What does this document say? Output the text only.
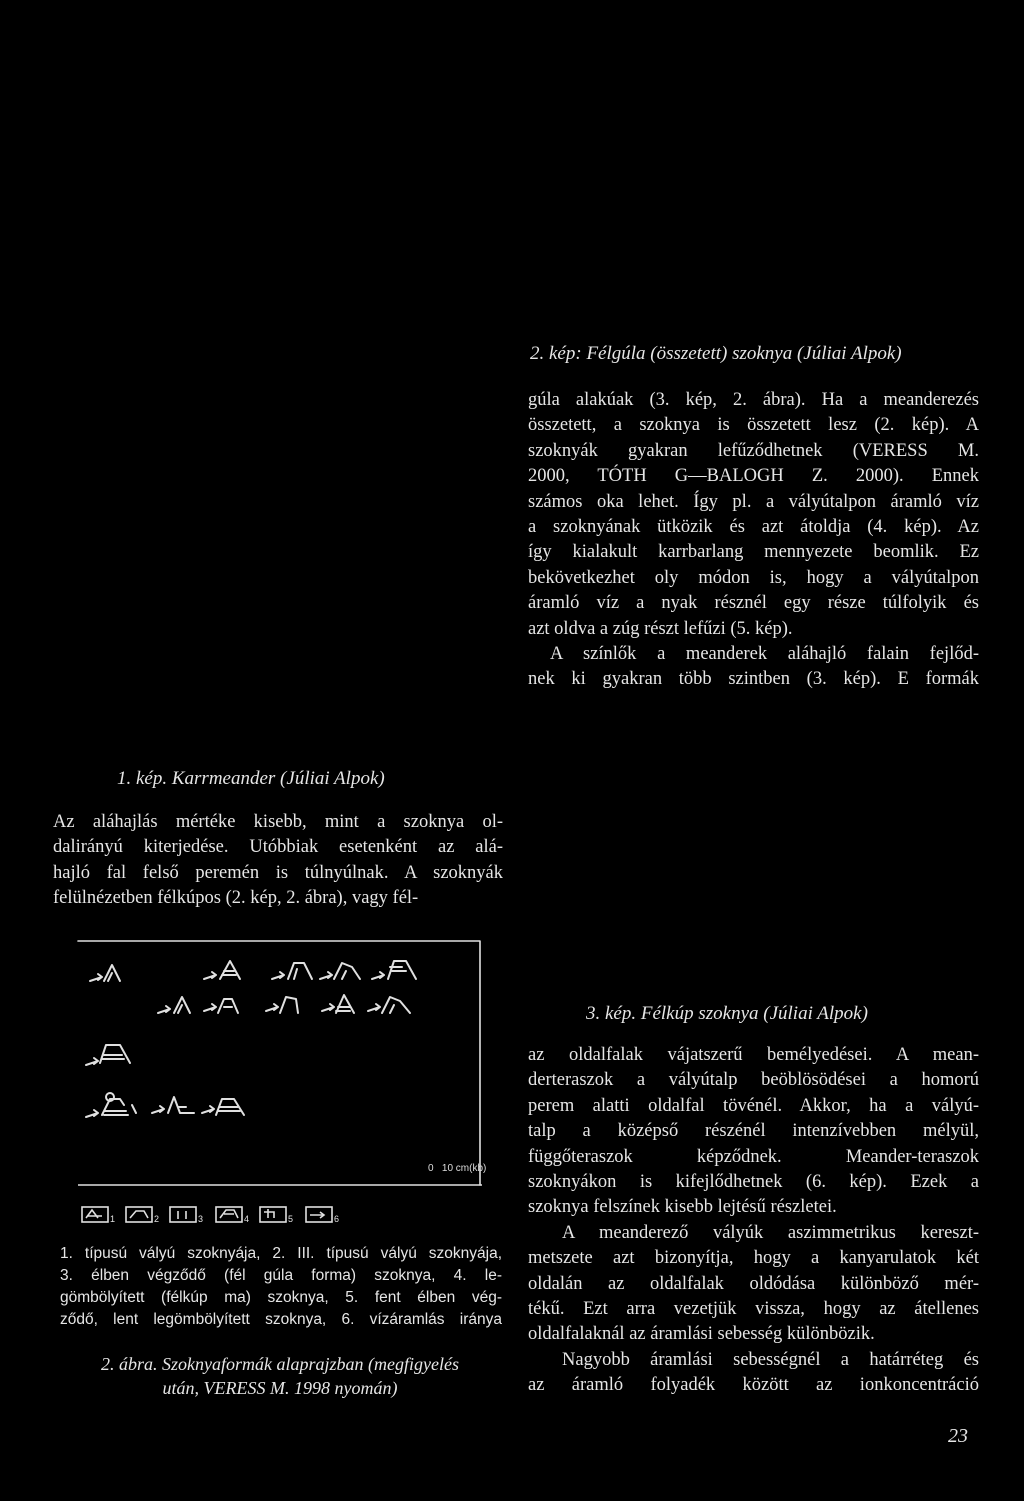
2. kép: Félgúla (összetett) szoknya (Júliai Alpok)
gúla alakúak (3. kép, 2. ábra). Ha a meanderezés
összetett, a szoknya is összetett lesz (2. kép). A
szoknyák gyakran lefűződhetnek (VERESS M.
2000, TÓTH G—BALOGH Z. 2000). Ennek
számos oka lehet. Így pl. a vályútalpon áramló víz
a szoknyának ütközik és azt átoldja (4. kép). Az
így kialakult karrbarlang mennyezete beomlik. Ez
bekövetkezhet oly módon is, hogy a vályútalpon
áramló víz a nyak résznél egy része túlfolyik és
azt oldva a zúg részt lefűzi (5. kép).
A színlők a meanderek aláhajló falain fejlőd-
nek ki gyakran több szintben (3. kép). E formák
1. kép. Karrmeander (Júliai Alpok)
Az aláhajlás mértéke kisebb, mint a szoknya ol-
dalirányú kiterjedése. Utóbbiak esetenként az alá-
hajló fal felső peremén is túlnyúlnak. A szoknyák
felülnézetben félkúpos (2. kép, 2. ábra), vagy fél-
0   10 cm(kb)
1	2	3	4	5	6
1. típusú vályú szoknyája, 2. III. típusú vályú szoknyája,
3. élben végződő (fél gúla forma) szoknya, 4. le-
gömbölyített (félkúp ma) szoknya, 5. fent élben vég-
ződő, lent legömbölyített szoknya, 6. vízáramlás iránya
2. ábra. Szoknyaformák alaprajzban (megfigyelés
után, VERESS M. 1998 nyomán)
3. kép. Félkúp szoknya (Júliai Alpok)
az oldalfalak vájatszerű bemélyedései. A mean-
derteraszok a vályútalp beöblösödései a homorú
perem alatti oldalfal tövénél. Akkor, ha a vályú-
talp a középső részénél intenzívebben mélyül,
függőteraszok képződnek. Meander-teraszok
szoknyákon is kifejlődhetnek (6. kép). Ezek a
szoknya felszínek kisebb lejtésű részletei.
A meanderező vályúk aszimmetrikus kereszt-
metszete azt bizonyítja, hogy a kanyarulatok két
oldalán az oldalfalak oldódása különböző mér-
tékű. Ezt arra vezetjük vissza, hogy az átellenes
oldalfalaknál az áramlási sebesség különbözik.
Nagyobb áramlási sebességnél a határréteg és
az áramló folyadék között az ionkoncentráció
23
